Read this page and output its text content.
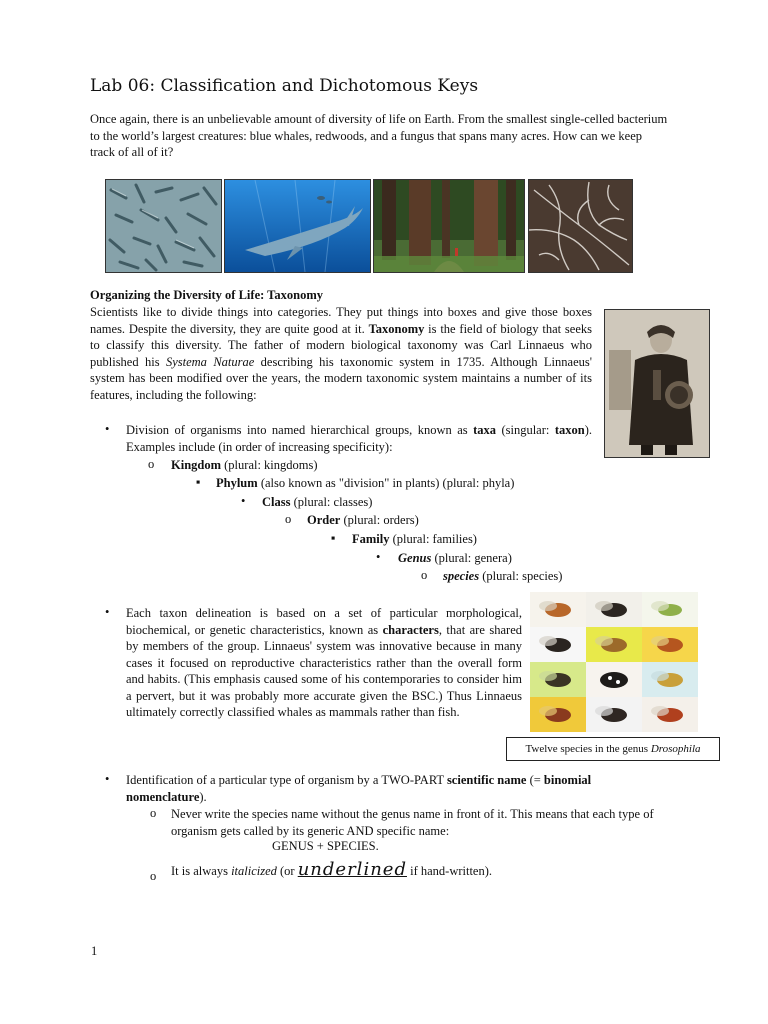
Lab 06: Classification and Dichotomous Keys
Once again, there is an unbelievable amount of diversity of life on Earth. From the smallest single-celled bacterium to the world’s largest creatures: blue whales, redwoods, and a fungus that spans many acres. How can we keep track of all of it?
Organizing the Diversity of Life: Taxonomy
Scientists like to divide things into categories. They put things into boxes and give those boxes names. Despite the diversity, they are quite good at it. Taxonomy is the field of biology that seeks to classify this diversity. The father of modern biological taxonomy was Carl Linnaeus who published his Systema Naturae describing his taxonomic system in 1735. Although Linnaeus' system has been modified over the years, the modern taxonomic system maintains a number of its features, including the following:
• Division of organisms into named hierarchical groups, known as taxa (singular: taxon). Examples include (in order of increasing specificity):
o Kingdom (plural: kingdoms)
▪ Phylum (also known as "division" in plants) (plural: phyla)
• Class (plural: classes)
o Order (plural: orders)
▪ Family (plural: families)
• Genus (plural: genera)
o species (plural: species)
• Each taxon delineation is based on a set of particular morphological, biochemical, or genetic characteristics, known as characters, that are shared by members of the group. Linnaeus' system was innovative because in many cases it focused on reproductive characteristics rather than the overall form and habits. (This emphasis caused some of his contemporaries to consider him a pervert, but it was probably more accurate given the BSC.) Thus Linnaeus ultimately correctly classified whales as mammals rather than fish.
Twelve species in the genus
Drosophila
• Identification of a particular type of organism by a TWO-PART scientific name (= binomial nomenclature).
o Never write the species name without the genus name in front of it. This means that each type of organism gets called by its generic AND specific name:
GENUS + SPECIES.
o It is always italicized (or underlined if hand-written).
1
